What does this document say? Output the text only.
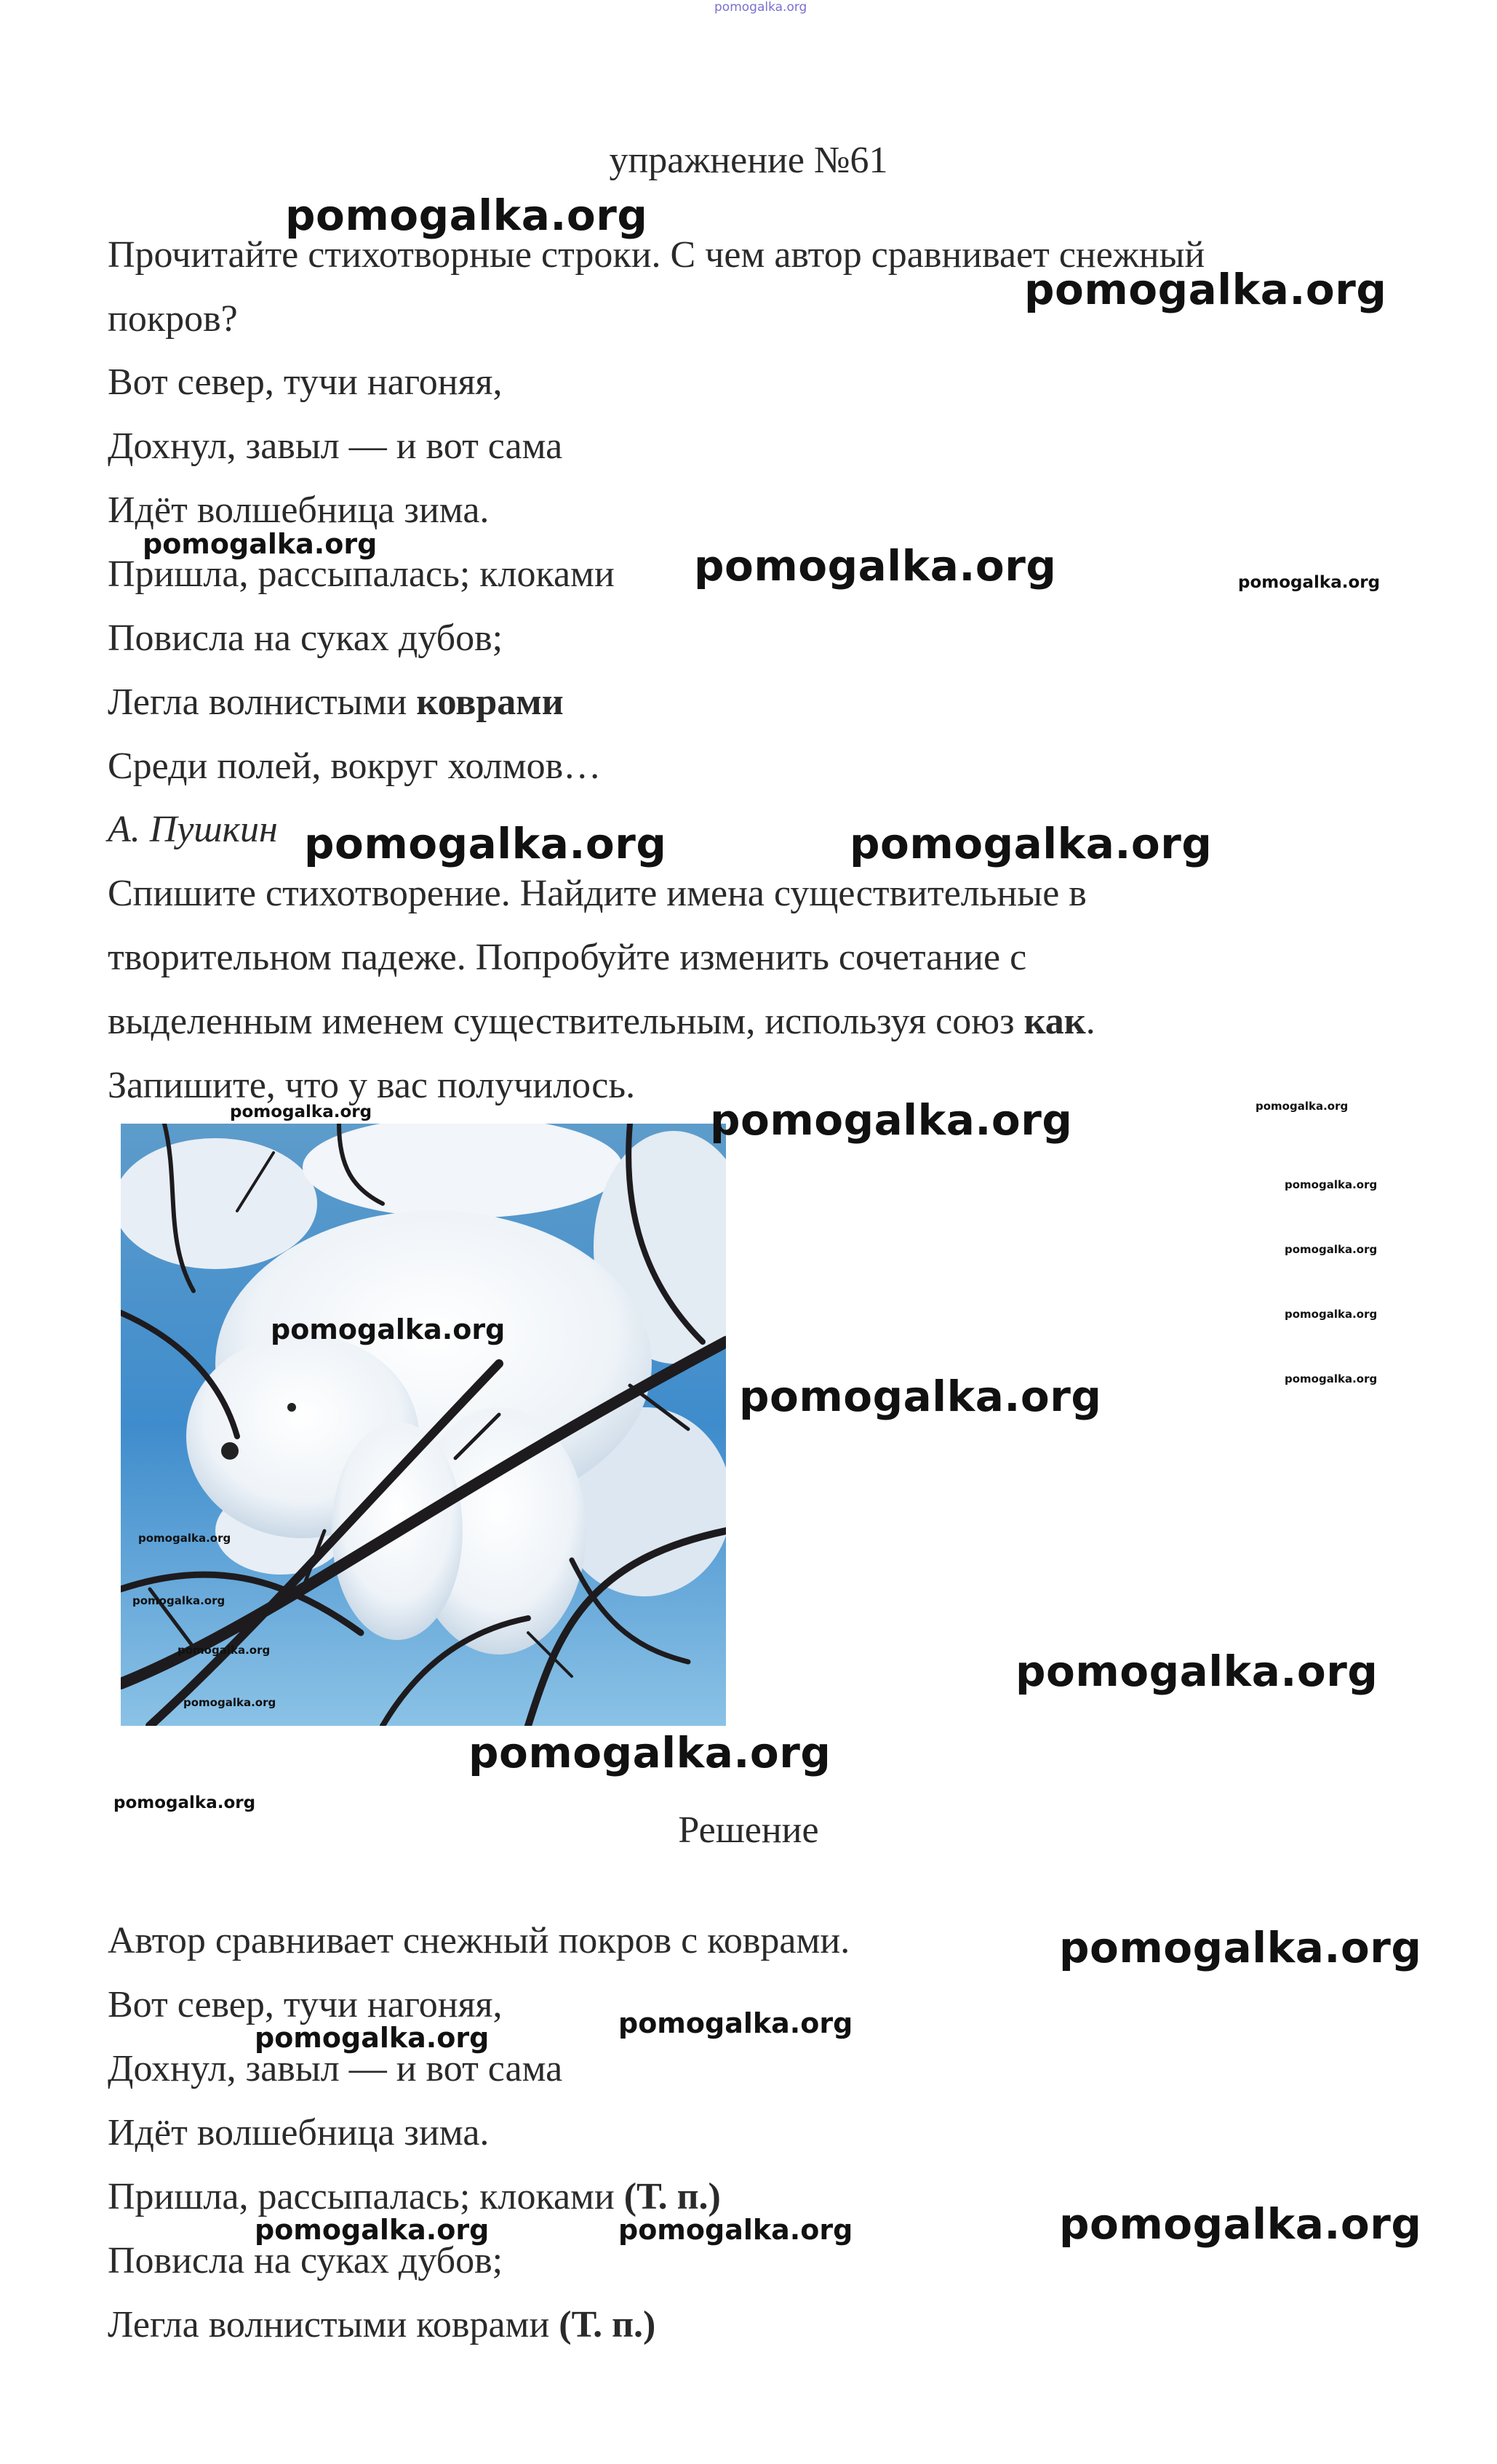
pomogalka.org
упражнение №61
Прочитайте стихотворные строки. С чем автор сравнивает снежный
покров?
Вот север, тучи нагоняя,
Дохнул, завыл — и вот сама
Идёт волшебница зима.
Пришла, рассыпалась; клоками
Повисла на суках дубов;
Легла волнистыми коврами
Среди полей, вокруг холмов…
А. Пушкин
Спишите стихотворение. Найдите имена существительные в
творительном падеже. Попробуйте изменить сочетание с
выделенным именем существительным, используя союз как.
Запишите, что у вас получилось.
Решение
Автор сравнивает снежный покров с коврами.
Вот север, тучи нагоняя,
Дохнул, завыл — и вот сама
Идёт волшебница зима.
Пришла, рассыпалась; клоками (Т. п.)
Повисла на суках дубов;
Легла волнистыми коврами (Т. п.)
pomogalka.org
pomogalka.org
pomogalka.org	pomogalka.org	pomogalka.org
pomogalka.org	pomogalka.org
pomogalka.org	pomogalka.org	pomogalka.org
pomogalka.org
pomogalka.org
pomogalka.org
pomogalka.org
pomogalka.org
pomogalka.org
pomogalka.org
pomogalka.org
pomogalka.org
pomogalka.org
pomogalka.org
pomogalka.org
pomogalka.org
pomogalka.org
pomogalka.org	pomogalka.org
pomogalka.org	pomogalka.org	pomogalka.org
